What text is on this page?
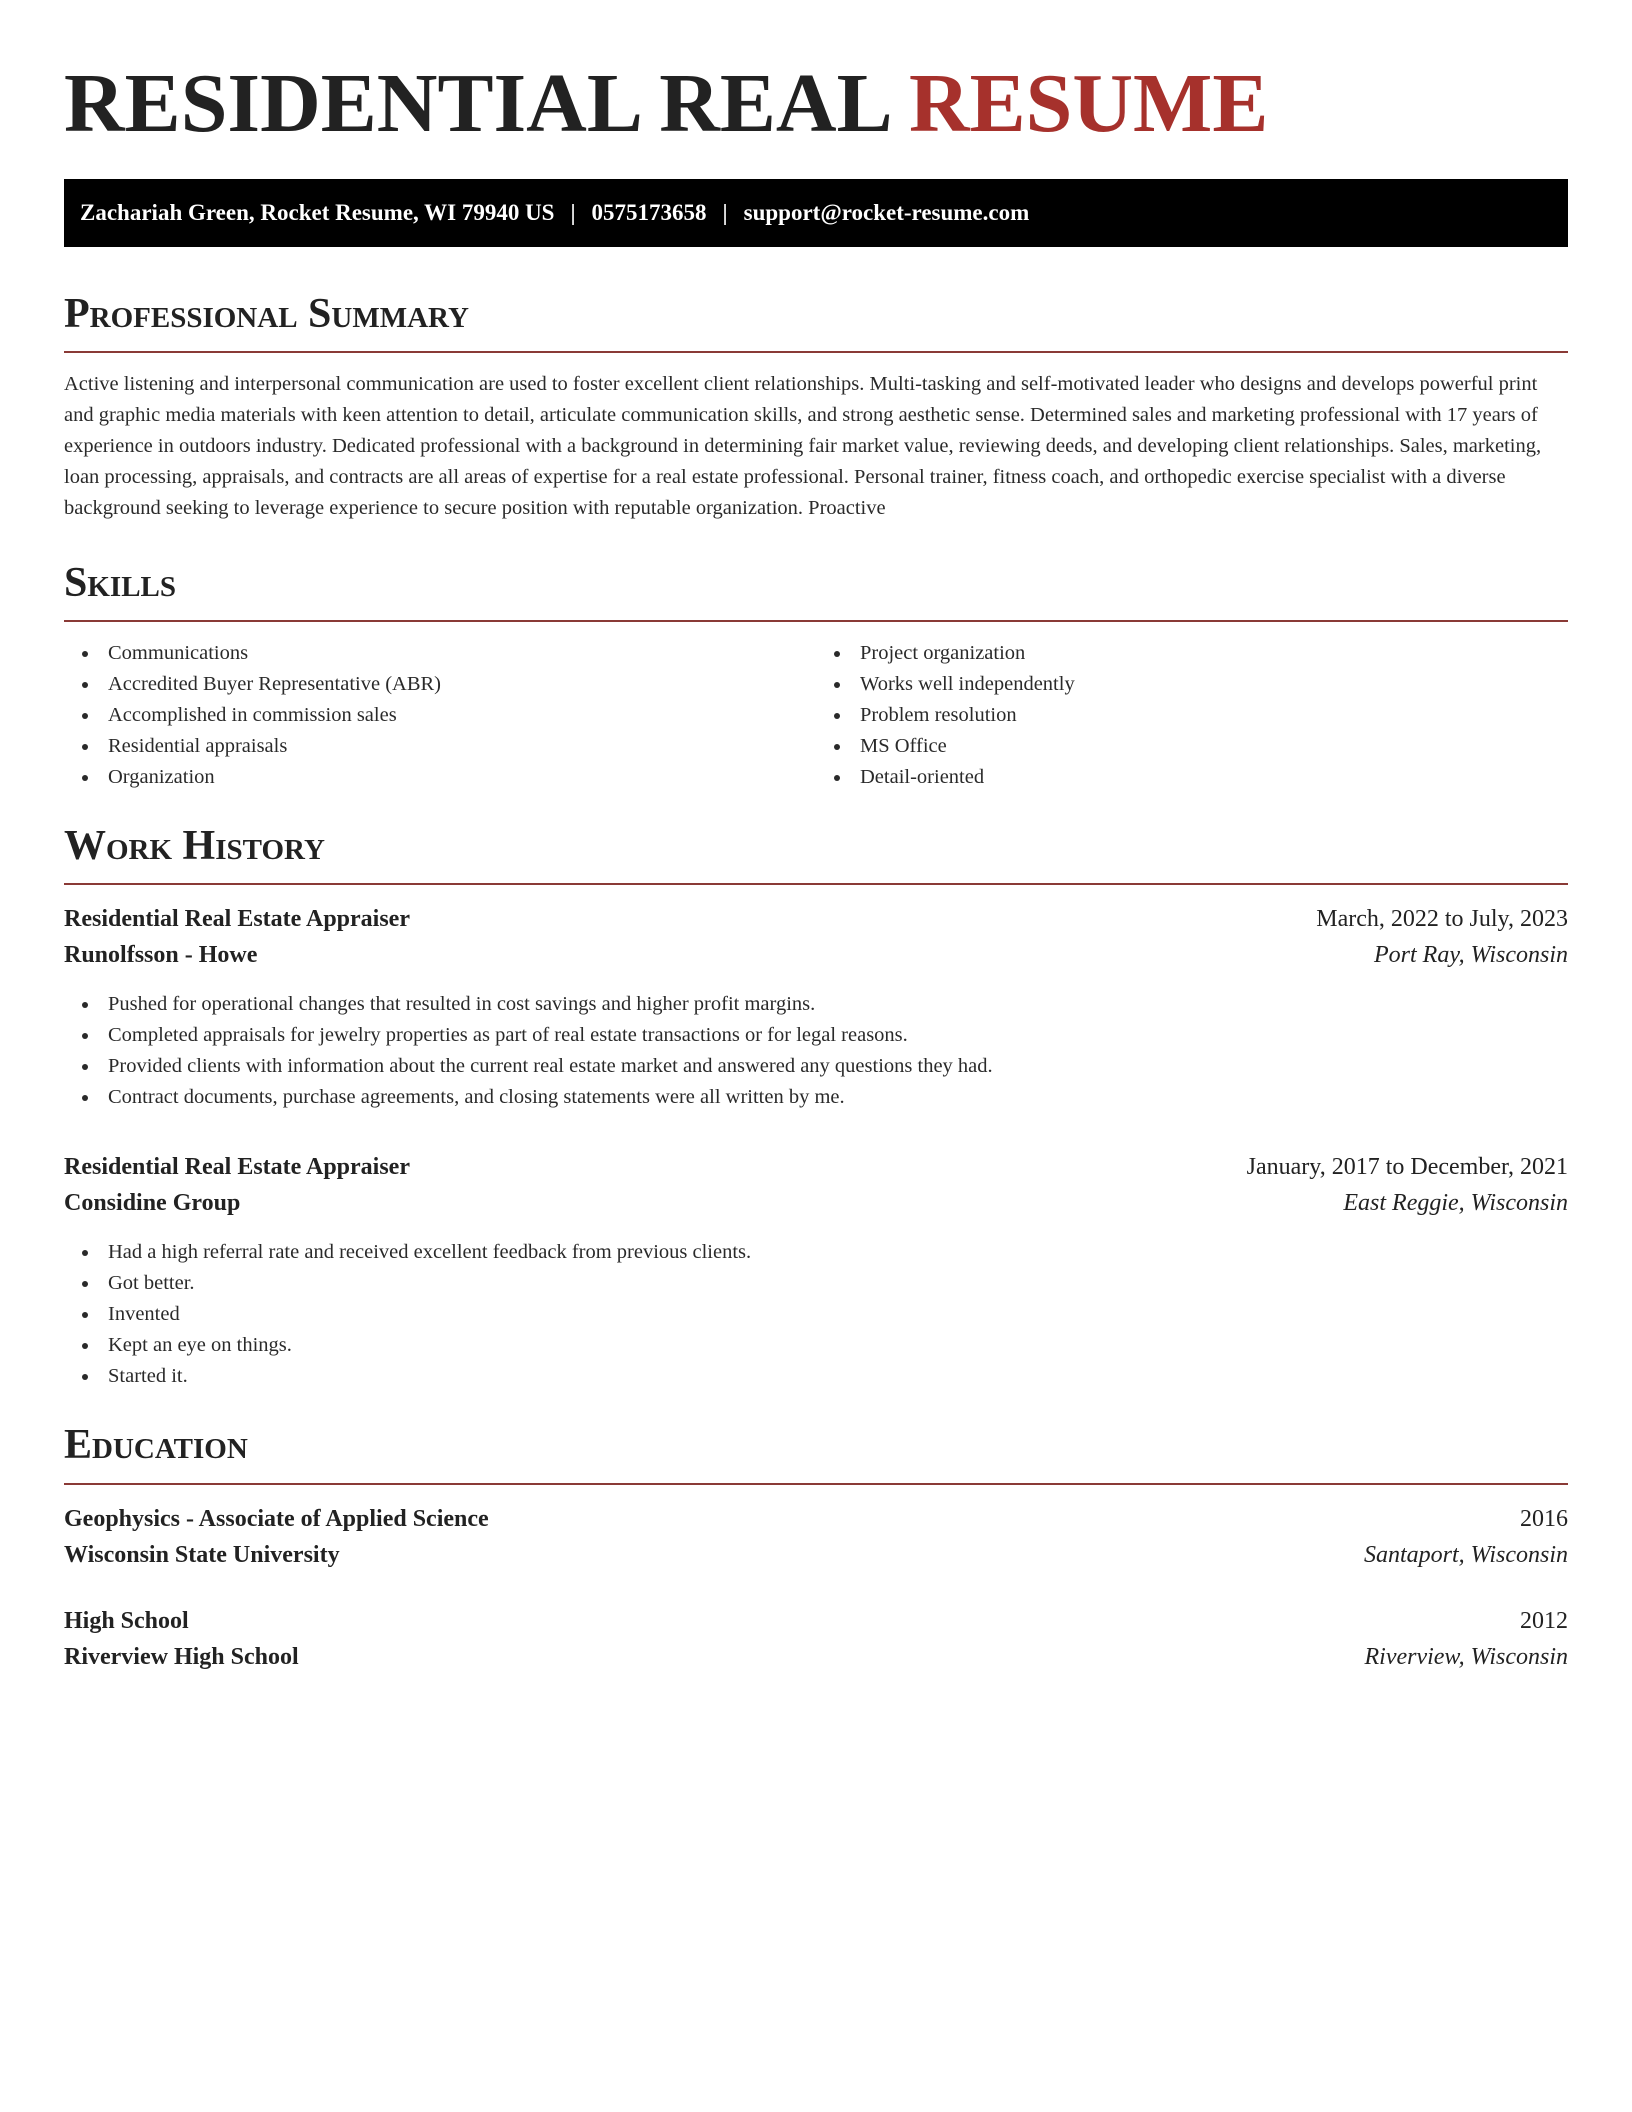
RESIDENTIAL REAL RESUME
Zachariah Green, Rocket Resume, WI 79940 US | 0575173658 | support@rocket-resume.com
Professional Summary

Active listening and interpersonal communication are used to foster excellent client relationships. Multi-tasking and self-motivated leader who designs and develops powerful print and graphic media materials with keen attention to detail, articulate communication skills, and strong aesthetic sense. Determined sales and marketing professional with 17 years of experience in outdoors industry. Dedicated professional with a background in determining fair market value, reviewing deeds, and developing client relationships. Sales, marketing, loan processing, appraisals, and contracts are all areas of expertise for a real estate professional. Personal trainer, fitness coach, and orthopedic exercise specialist with a diverse background seeking to leverage experience to secure position with reputable organization. Proactive

Skills
Communications
Accredited Buyer Representative (ABR)
Accomplished in commission sales
Residential appraisals
Organization
Project organization
Works well independently
Problem resolution
MS Office
Detail-oriented
Work History
Residential Real Estate Appraiser	March, 2022 to July, 2023
Runolfsson - Howe	Port Ray, Wisconsin
Pushed for operational changes that resulted in cost savings and higher profit margins.
Completed appraisals for jewelry properties as part of real estate transactions or for legal reasons.
Provided clients with information about the current real estate market and answered any questions they had.
Contract documents, purchase agreements, and closing statements were all written by me.
Residential Real Estate Appraiser	January, 2017 to December, 2021
Considine Group	East Reggie, Wisconsin
Had a high referral rate and received excellent feedback from previous clients.
Got better.
Invented
Kept an eye on things.
Started it.
Education
Geophysics - Associate of Applied Science	2016
Wisconsin State University	Santaport, Wisconsin
High School	2012
Riverview High School	Riverview, Wisconsin
